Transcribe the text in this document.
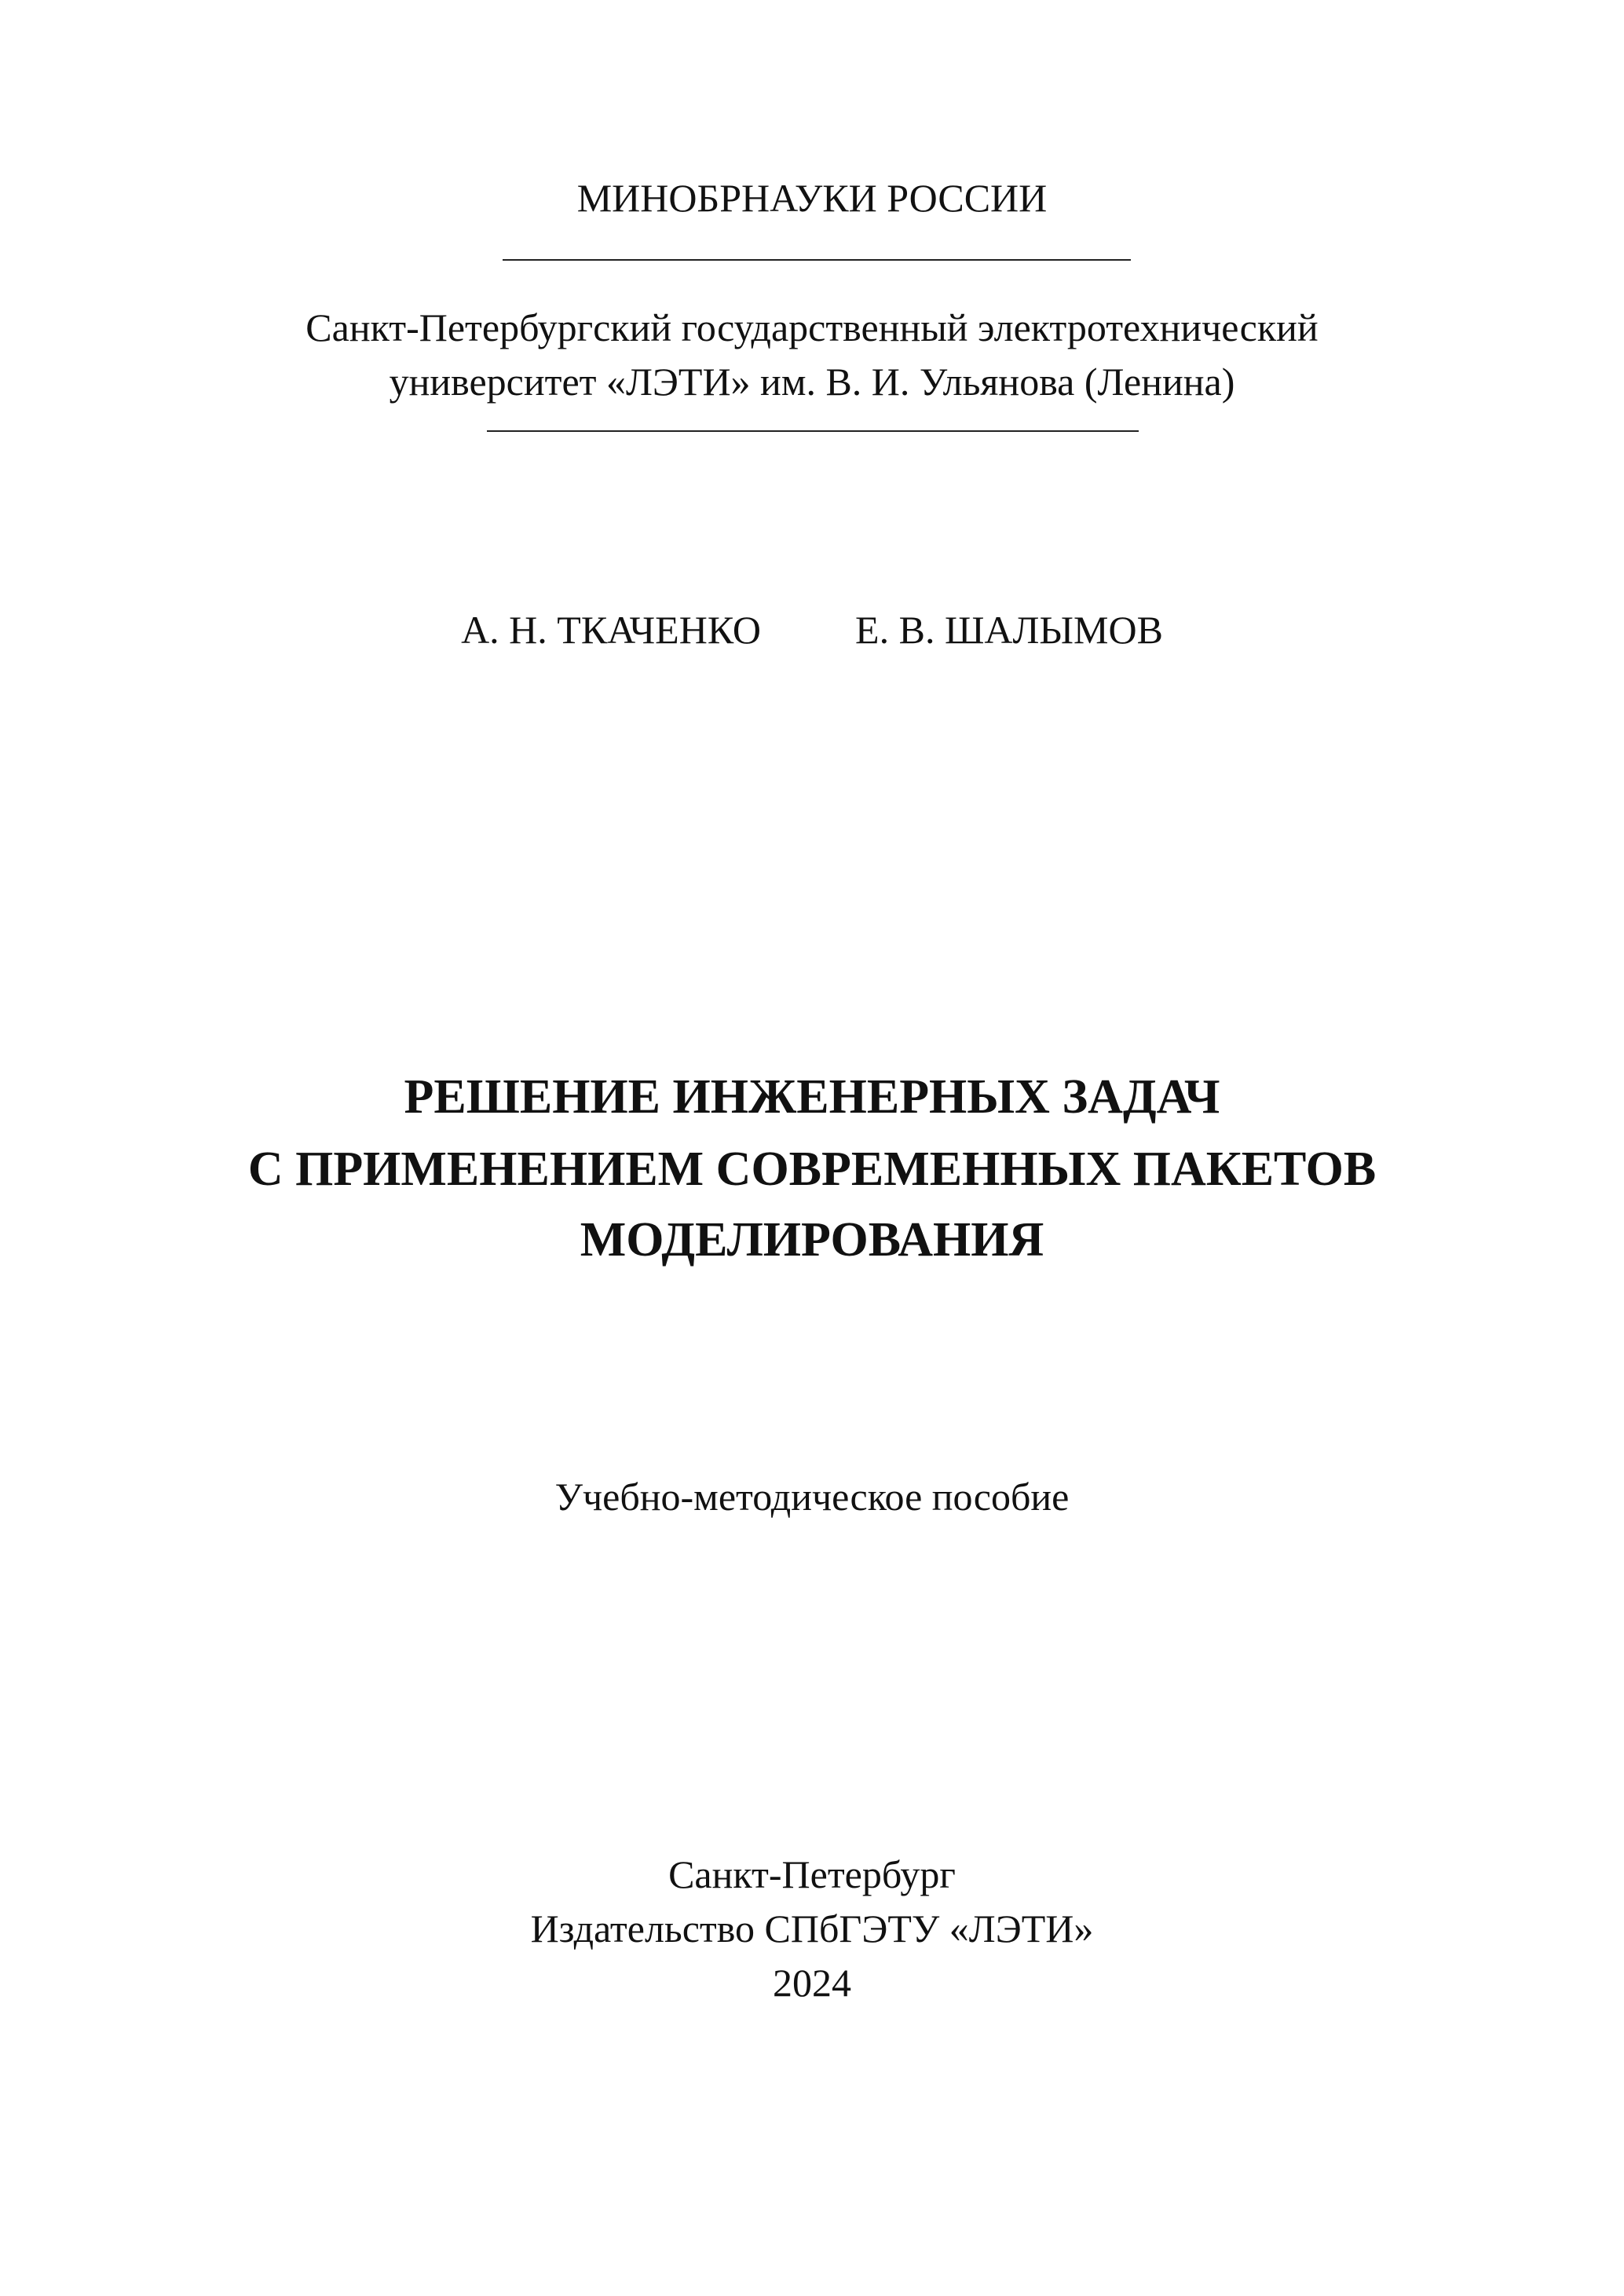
МИНОБРНАУКИ РОССИИ
Санкт-Петербургский государственный электротехнический
университет «ЛЭТИ» им. В. И. Ульянова (Ленина)
А. Н. ТКАЧЕНКО Е. В. ШАЛЫМОВ
РЕШЕНИЕ ИНЖЕНЕРНЫХ ЗАДАЧ
С ПРИМЕНЕНИЕМ СОВРЕМЕННЫХ ПАКЕТОВ
МОДЕЛИРОВАНИЯ
Учебно-методическое пособие
Санкт-Петербург
Издательство СПбГЭТУ «ЛЭТИ»
2024
